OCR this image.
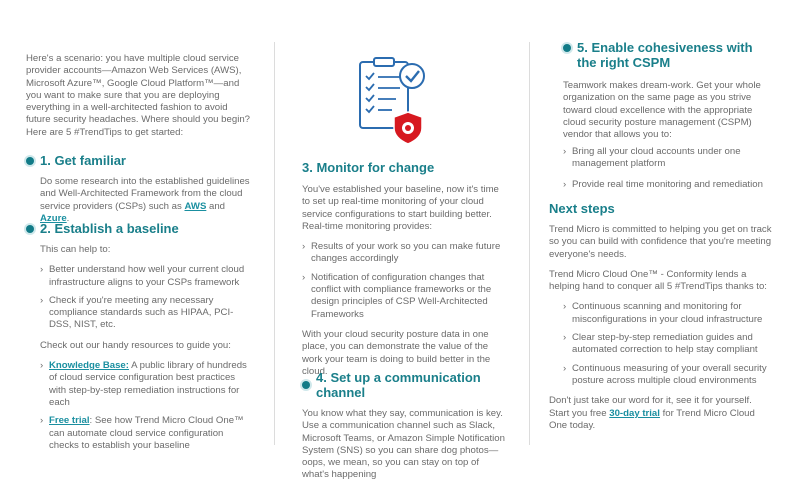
Here's a scenario: you have multiple cloud service provider accounts—Amazon Web Services (AWS), Microsoft Azure™, Google Cloud Platform™—and you want to make sure that you are deploying everything in a well-architected fashion to avoid future security headaches. Where should you begin? Here are 5 #TrendTips to get started:

1. Get familiar

Do some research into the established guidelines and Well-Architected Framework from the cloud service providers (CSPs) such as AWS and Azure.

2. Establish a baseline

This can help to:

› Better understand how well your current cloud infrastructure aligns to your CSPs framework
› Check if you're meeting any necessary compliance standards such as HIPAA, PCI-DSS, NIST, etc.

Check out our handy resources to guide you:

› Knowledge Base: A public library of hundreds of cloud service configuration best practices with step-by-step remediation instructions for each
› Free trial: See how Trend Micro Cloud One™ can automate cloud service configuration checks to establish your baseline
3. Monitor for change

You've established your baseline, now it's time to set up real-time monitoring of your cloud service configurations to start building better. Real-time monitoring provides:

› Results of your work so you can make future changes accordingly
› Notification of configuration changes that conflict with compliance frameworks or the design principles of CSP Well-Architected Frameworks

With your cloud security posture data in one place, you can demonstrate the value of the work your team is doing to build better in the cloud.

4. Set up a communication channel

You know what they say, communication is key. Use a communication channel such as Slack, Microsoft Teams, or Amazon Simple Notification System (SNS) so you can share dog photos—oops, we mean, so you can stay on top of what's happening

5. Enable cohesiveness with the right CSPM

Teamwork makes dream-work. Get your whole organization on the same page as you strive toward cloud excellence with the appropriate cloud security posture management (CSPM) vendor that allows you to:

› Bring all your cloud accounts under one management platform
› Provide real time monitoring and remediation
Next steps

Trend Micro is committed to helping you get on track so you can build with confidence that you're meeting everyone's needs.

Trend Micro Cloud One™ - Conformity lends a helping hand to conquer all 5 #TrendTips thanks to:

› Continuous scanning and monitoring for misconfigurations in your cloud infrastructure
› Clear step-by-step remediation guides and automated correction to help stay compliant
› Continuous measuring of your overall security posture across multiple cloud environments

Don't just take our word for it, see it for yourself. Start you free 30-day trial for Trend Micro Cloud One today.
